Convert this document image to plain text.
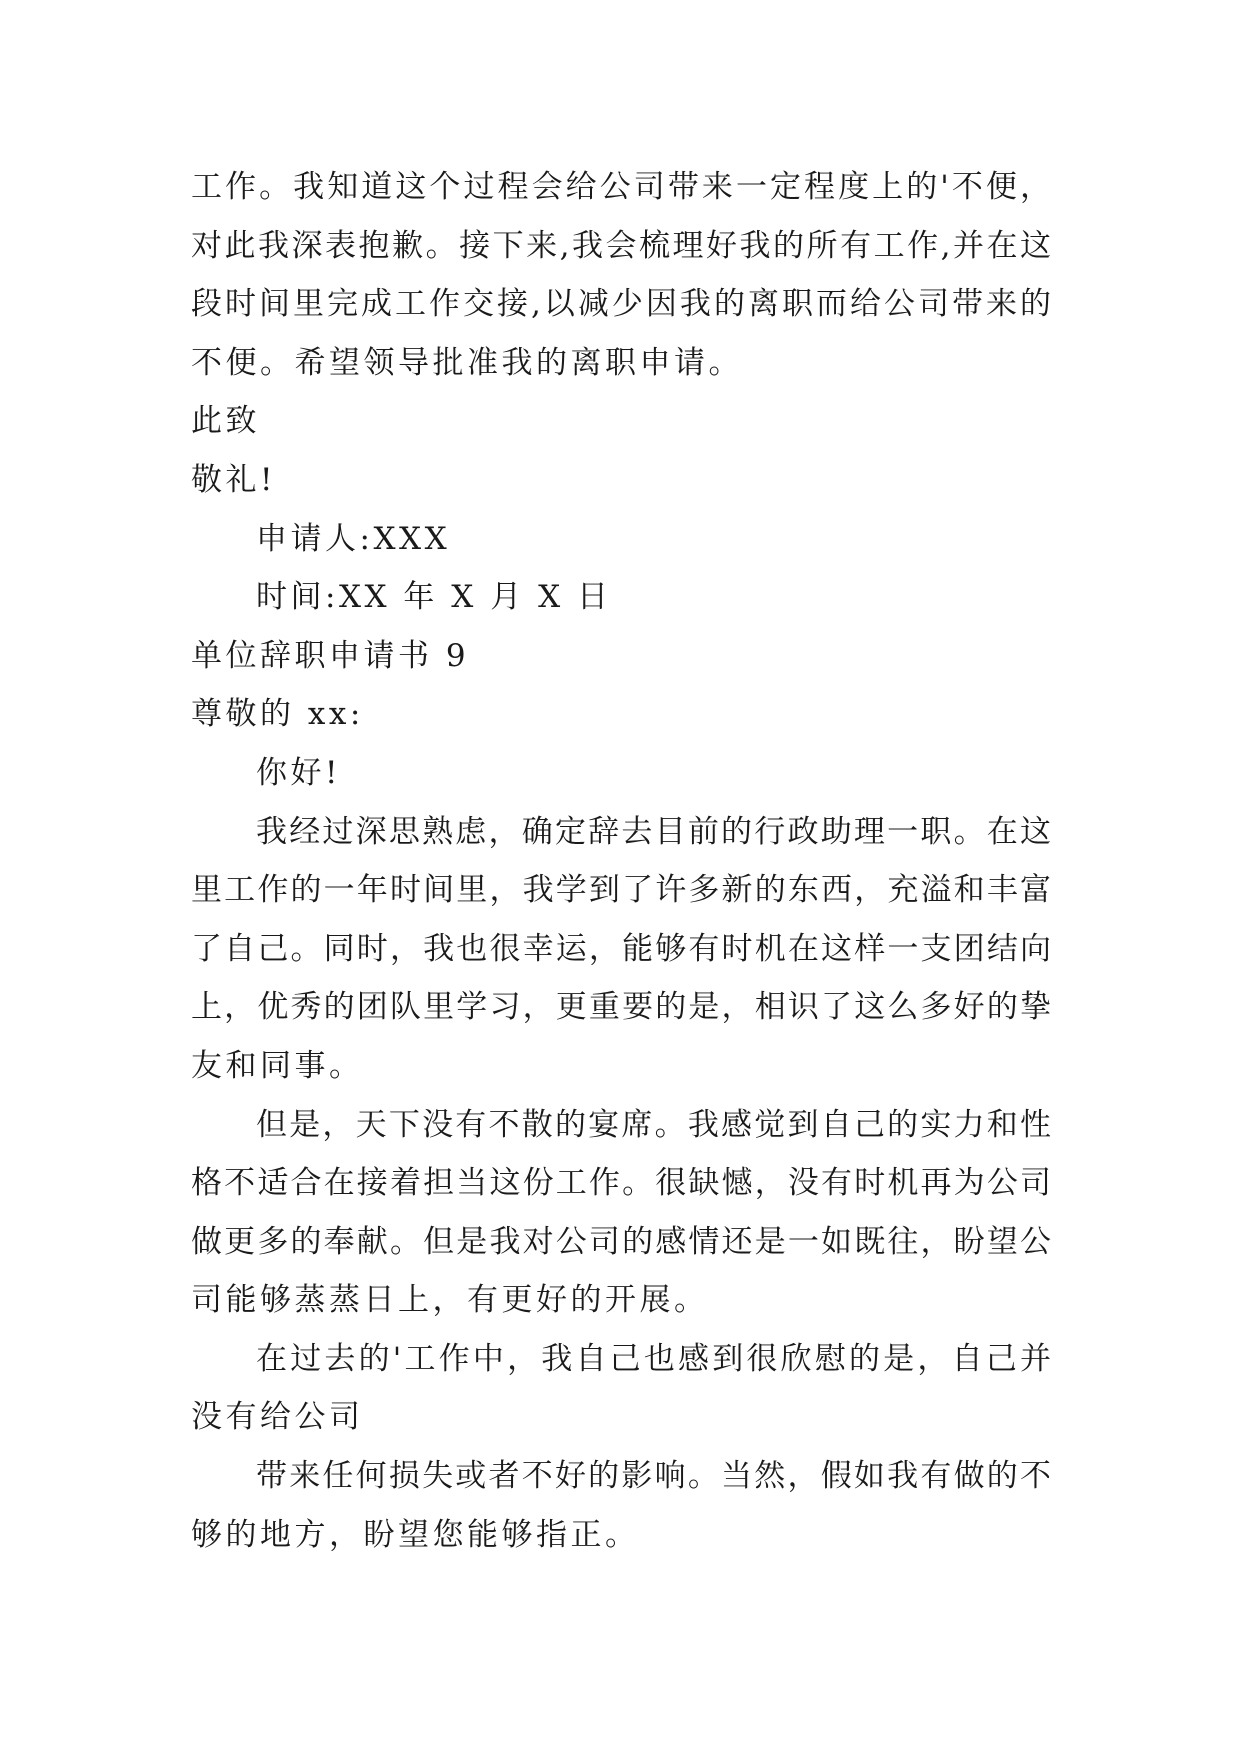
工作。我知道这个过程会给公司带来一定程度上的'不便，
对此我深表抱歉。接下来,我会梳理好我的所有工作,并在这
段时间里完成工作交接,以减少因我的离职而给公司带来的
不便。希望领导批准我的离职申请。
此致
敬礼!
申请人:XXX
时间:XX 年 X 月 X 日
单位辞职申请书 9
尊敬的 xx:
你好!
我经过深思熟虑，确定辞去目前的行政助理一职。在这
里工作的一年时间里，我学到了许多新的东西，充溢和丰富
了自己。同时，我也很幸运，能够有时机在这样一支团结向
上，优秀的团队里学习，更重要的是，相识了这么多好的挚
友和同事。
但是，天下没有不散的宴席。我感觉到自己的实力和性
格不适合在接着担当这份工作。很缺憾，没有时机再为公司
做更多的奉献。但是我对公司的感情还是一如既往，盼望公
司能够蒸蒸日上，有更好的开展。
在过去的'工作中，我自己也感到很欣慰的是，自己并
没有给公司
带来任何损失或者不好的影响。当然，假如我有做的不
够的地方，盼望您能够指正。
